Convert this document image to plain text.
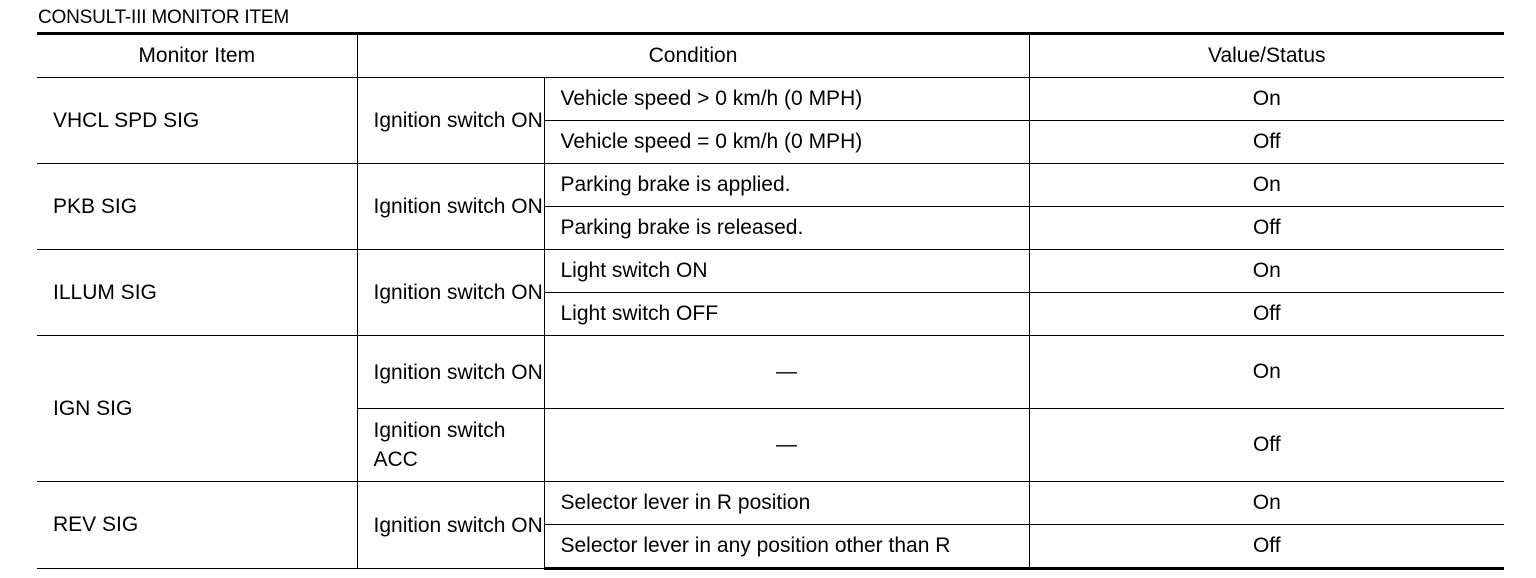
CONSULT-III MONITOR ITEM
Monitor Item	Condition		Value/Status
VHCL SPD SIG	Ignition switch ON	Vehicle speed > 0 km/h (0 MPH)	On
		Vehicle speed = 0 km/h (0 MPH)	Off
PKB SIG	Ignition switch ON	Parking brake is applied.	On
		Parking brake is released.	Off
ILLUM SIG	Ignition switch ON	Light switch ON	On
		Light switch OFF	Off
IGN SIG	Ignition switch ON	—	On
	Ignition switch ACC	—	Off
REV SIG	Ignition switch ON	Selector lever in R position	On
		Selector lever in any position other than R	Off
